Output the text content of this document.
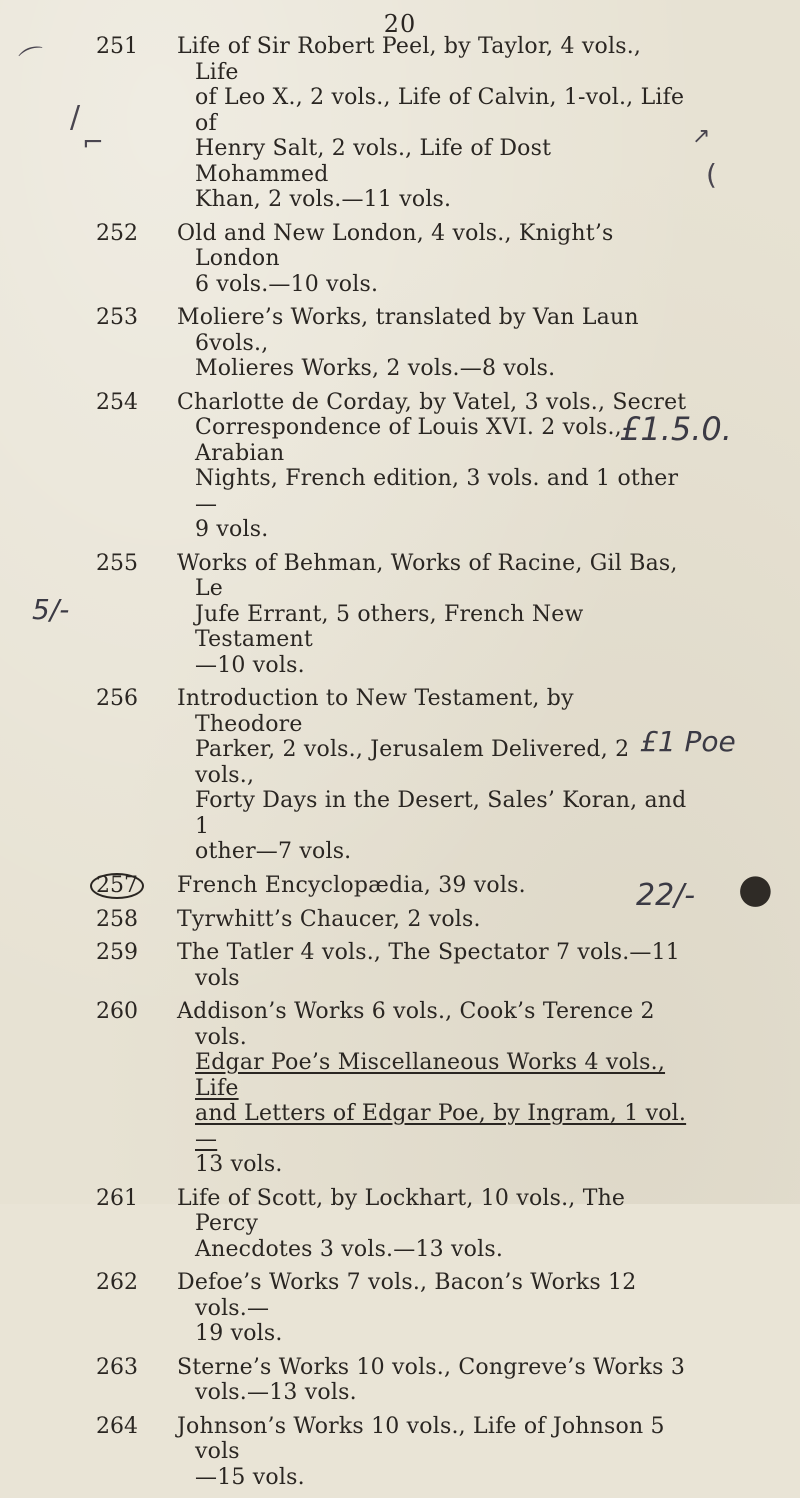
20
⌒
/
⌐
5/-
↗
(
£1.5.0.
£1 Poe
22/- ●
251	Life of Sir Robert Peel, by Taylor, 4 vols., Life
of Leo X., 2 vols., Life of Calvin, 1-vol., Life of
Henry Salt, 2 vols., Life of Dost Mohammed
Khan, 2 vols.—11 vols.
252	Old and New London, 4 vols., Knight’s London
6 vols.—10 vols.
253	Moliere’s Works, translated by Van Laun 6vols.,
Molieres Works, 2 vols.—8 vols.
254	Charlotte de Corday, by Vatel, 3 vols., Secret
Correspondence of Louis XVI. 2 vols., Arabian
Nights, French edition, 3 vols. and 1 other—
9 vols.
255	Works of Behman, Works of Racine, Gil Bas, Le
Jufe Errant, 5 others, French New Testament
—10 vols.
256	Introduction to New Testament, by Theodore
Parker, 2 vols., Jerusalem Delivered, 2 vols.,
Forty Days in the Desert, Sales’ Koran, and 1
other—7 vols.
257	French Encyclopædia, 39 vols.
258	Tyrwhitt’s Chaucer, 2 vols.
259	The Tatler 4 vols., The Spectator 7 vols.—11 vols
260	Addison’s Works 6 vols., Cook’s Terence 2 vols.
Edgar Poe’s Miscellaneous Works 4 vols., Life
and Letters of Edgar Poe, by Ingram, 1 vol.—
13 vols.
261	Life of Scott, by Lockhart, 10 vols., The Percy
Anecdotes 3 vols.—13 vols.
262	Defoe’s Works 7 vols., Bacon’s Works 12 vols.—
19 vols.
263	Sterne’s Works 10 vols., Congreve’s Works 3
vols.—13 vols.
264	Johnson’s Works 10 vols., Life of Johnson 5 vols
—15 vols.
